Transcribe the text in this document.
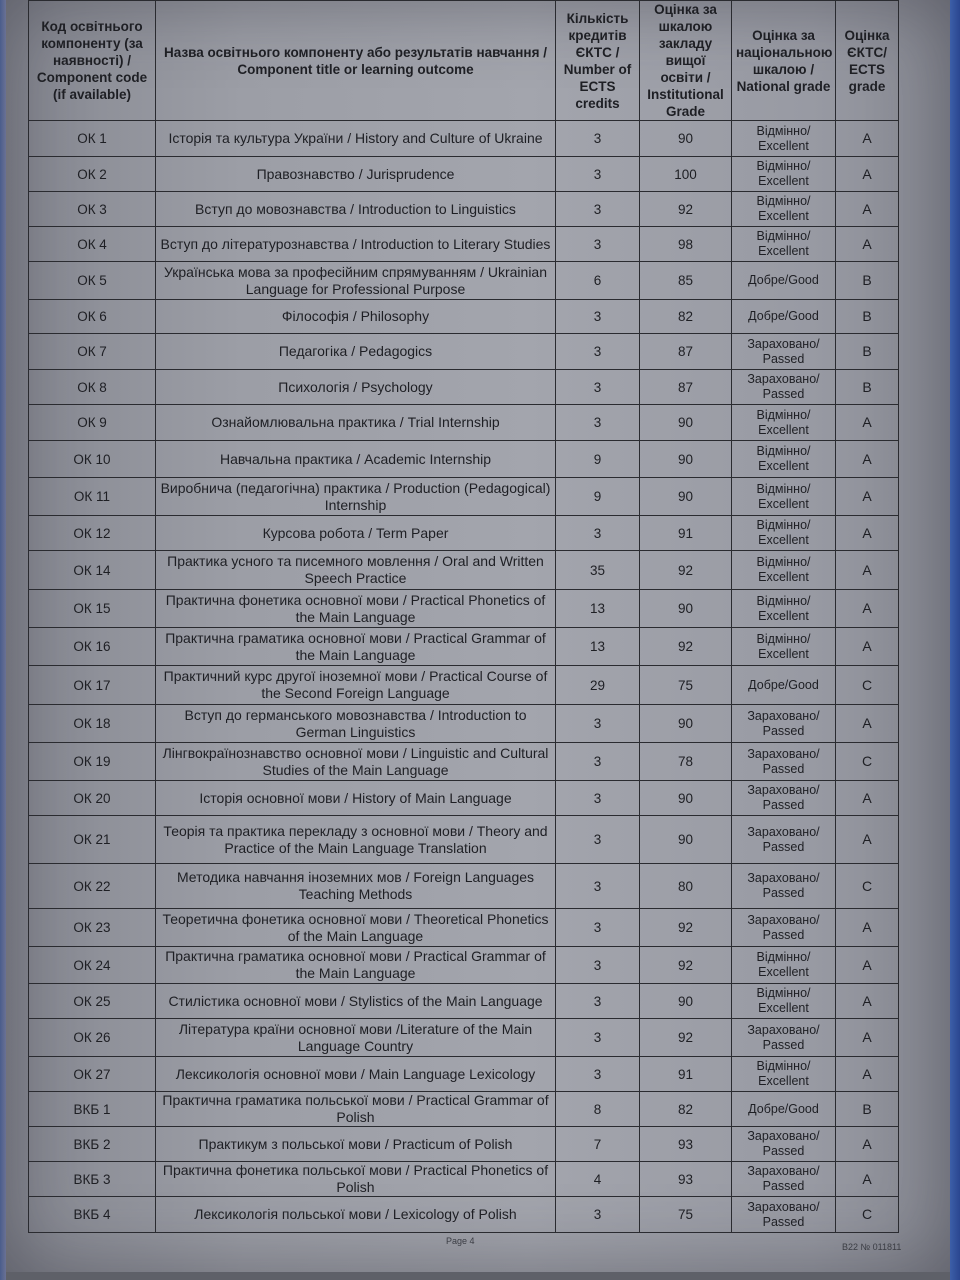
Код освітнього компоненту (за наявності) / Component code (if available)	Назва освітнього компоненту або результатів навчання / Component title or learning outcome	Кількість кредитів ЄКТС / Number of ECTS credits	Оцінка за шкалою закладу вищої освіти / Institutional Grade	Оцінка за національною шкалою / National grade	Оцінка ЄКТС/ ECTS grade
ОК 1	Історія та культура України / History and Culture of Ukraine	3	90	Відмінно/ Excellent	A
ОК 2	Правознавство / Jurisprudence	3	100	Відмінно/ Excellent	A
ОК 3	Вступ до мовознавства / Introduction to Linguistics	3	92	Відмінно/ Excellent	A
ОК 4	Вступ до літературознавства / Introduction to Literary Studies	3	98	Відмінно/ Excellent	A
ОК 5	Українська мова за професійним спрямуванням / Ukrainian Language for Professional Purpose	6	85	Добре/Good	B
ОК 6	Філософія / Philosophy	3	82	Добре/Good	B
ОК 7	Педагогіка / Pedagogics	3	87	Зараховано/ Passed	B
ОК 8	Психологія / Psychology	3	87	Зараховано/ Passed	B
ОК 9	Ознайомлювальна практика / Trial Internship	3	90	Відмінно/ Excellent	A
ОК 10	Навчальна практика / Academic Internship	9	90	Відмінно/ Excellent	A
ОК 11	Виробнича (педагогічна) практика / Production (Pedagogical) Internship	9	90	Відмінно/ Excellent	A
ОК 12	Курсова робота / Term Paper	3	91	Відмінно/ Excellent	A
ОК 14	Практика усного та писемного мовлення / Oral and Written Speech Practice	35	92	Відмінно/ Excellent	A
ОК 15	Практична фонетика основної мови / Practical Phonetics of the Main Language	13	90	Відмінно/ Excellent	A
ОК 16	Практична граматика основної мови / Practical Grammar of the Main Language	13	92	Відмінно/ Excellent	A
ОК 17	Практичний курс другої іноземної мови / Practical Course of the Second Foreign Language	29	75	Добре/Good	C
ОК 18	Вступ до германського мовознавства / Introduction to German Linguistics	3	90	Зараховано/ Passed	A
ОК 19	Лінгвокраїнознавство основної мови / Linguistic and Cultural Studies of the Main Language	3	78	Зараховано/ Passed	C
ОК 20	Історія основної мови / History of Main Language	3	90	Зараховано/ Passed	A
ОК 21	Теорія та практика перекладу з основної мови / Theory and Practice of the Main Language Translation	3	90	Зараховано/ Passed	A
ОК 22	Методика навчання іноземних мов / Foreign Languages Teaching Methods	3	80	Зараховано/ Passed	C
ОК 23	Теоретична фонетика основної мови / Theoretical Phonetics of the Main Language	3	92	Зараховано/ Passed	A
ОК 24	Практична граматика основної мови / Practical Grammar of the Main Language	3	92	Відмінно/ Excellent	A
ОК 25	Стилістика основної мови / Stylistics of the Main Language	3	90	Відмінно/ Excellent	A
ОК 26	Література країни основної мови /Literature of the Main Language Country	3	92	Зараховано/ Passed	A
ОК 27	Лексикологія основної мови / Main Language Lexicology	3	91	Відмінно/ Excellent	A
ВКБ 1	Практична граматика польської мови / Practical Grammar of Polish	8	82	Добре/Good	B
ВКБ 2	Практикум з польської мови / Practicum of Polish	7	93	Зараховано/ Passed	A
ВКБ 3	Практична фонетика польської мови / Practical Phonetics of Polish	4	93	Зараховано/ Passed	A
ВКБ 4	Лексикологія польської мови / Lexicology of Polish	3	75	Зараховано/ Passed	C
Page 4
B22 № 011811
